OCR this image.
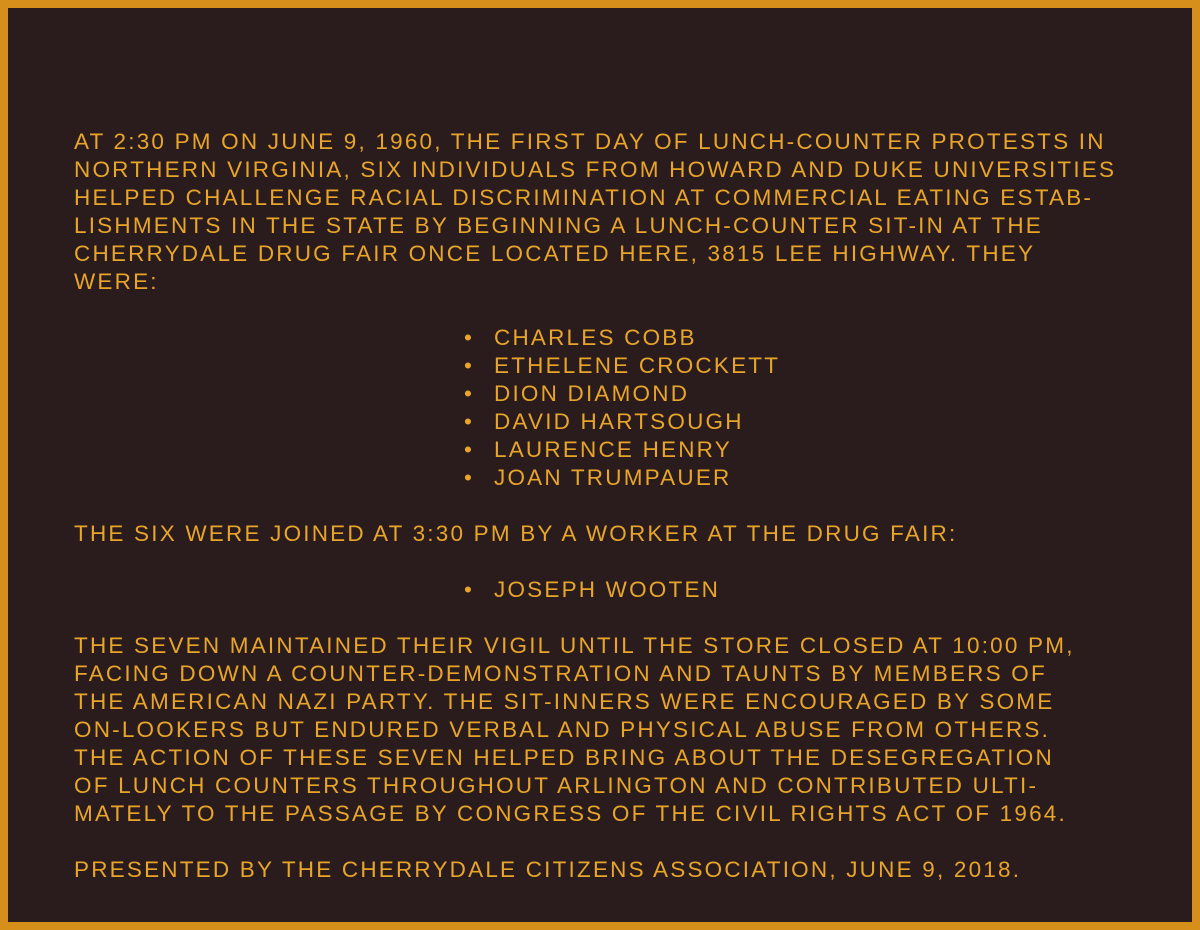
AT 2:30 PM ON JUNE 9, 1960, THE FIRST DAY OF LUNCH-COUNTER PROTESTS IN
NORTHERN VIRGINIA, SIX INDIVIDUALS FROM HOWARD AND DUKE UNIVERSITIES
HELPED CHALLENGE RACIAL DISCRIMINATION AT COMMERCIAL EATING ESTAB-
LISHMENTS IN THE STATE BY BEGINNING A LUNCH-COUNTER SIT-IN AT THE
CHERRYDALE DRUG FAIR ONCE LOCATED HERE, 3815 LEE HIGHWAY. THEY
WERE:
• CHARLES COBB
• ETHELENE CROCKETT
• DION DIAMOND
• DAVID HARTSOUGH
• LAURENCE HENRY
• JOAN TRUMPAUER
THE SIX WERE JOINED AT 3:30 PM BY A WORKER AT THE DRUG FAIR:
• JOSEPH WOOTEN
THE SEVEN MAINTAINED THEIR VIGIL UNTIL THE STORE CLOSED AT 10:00 PM,
FACING DOWN A COUNTER-DEMONSTRATION AND TAUNTS BY MEMBERS OF
THE AMERICAN NAZI PARTY. THE SIT-INNERS WERE ENCOURAGED BY SOME
ON-LOOKERS BUT ENDURED VERBAL AND PHYSICAL ABUSE FROM OTHERS.
THE ACTION OF THESE SEVEN HELPED BRING ABOUT THE DESEGREGATION
OF LUNCH COUNTERS THROUGHOUT ARLINGTON AND CONTRIBUTED ULTI-
MATELY TO THE PASSAGE BY CONGRESS OF THE CIVIL RIGHTS ACT OF 1964.
PRESENTED BY THE CHERRYDALE CITIZENS ASSOCIATION, JUNE 9, 2018.
